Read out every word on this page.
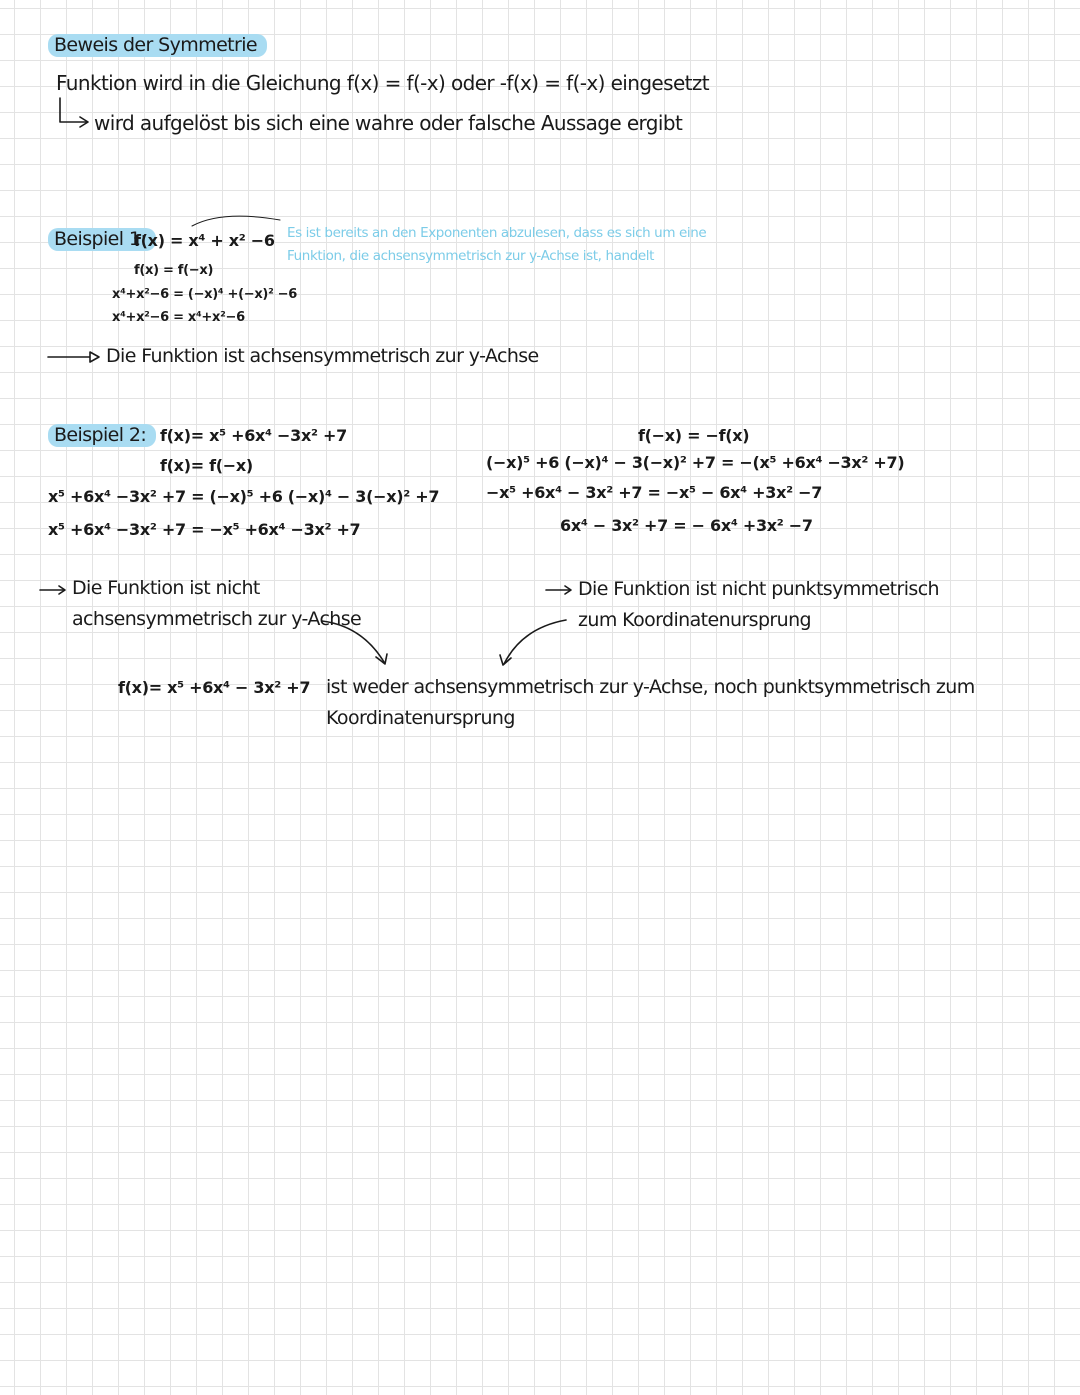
Beweis der Symmetrie
Funktion wird in die Gleichung f(x) = f(-x) oder -f(x) = f(-x) eingesetzt
wird aufgelöst bis sich eine wahre oder falsche Aussage ergibt
Beispiel 1:
f(x) = x⁴ + x² −6 Es ist bereits an den Exponenten abzulesen, dass es sich um eine
Funktion, die achsensymmetrisch zur y-Achse ist, handelt
f(x) = f(−x)
x⁴+x²−6 = (−x)⁴ +(−x)² −6
x⁴+x²−6 = x⁴+x²−6
Die Funktion ist achsensymmetrisch zur y-Achse
Beispiel 2: f(x)= x⁵ +6x⁴ −3x² +7
f(x)= f(−x)
x⁵ +6x⁴ −3x² +7 = (−x)⁵ +6 (−x)⁴ − 3(−x)² +7
x⁵ +6x⁴ −3x² +7 = −x⁵ +6x⁴ −3x² +7
f(−x) = −f(x)
(−x)⁵ +6 (−x)⁴ − 3(−x)² +7 = −(x⁵ +6x⁴ −3x² +7)
−x⁵ +6x⁴ − 3x² +7 = −x⁵ − 6x⁴ +3x² −7
6x⁴ − 3x² +7 = − 6x⁴ +3x² −7
Die Funktion ist nicht
achsensymmetrisch zur y-Achse
Die Funktion ist nicht punktsymmetrisch
zum Koordinatenursprung
f(x)= x⁵ +6x⁴ − 3x² +7 ist weder achsensymmetrisch zur y-Achse, noch punktsymmetrisch zum
Koordinatenursprung
